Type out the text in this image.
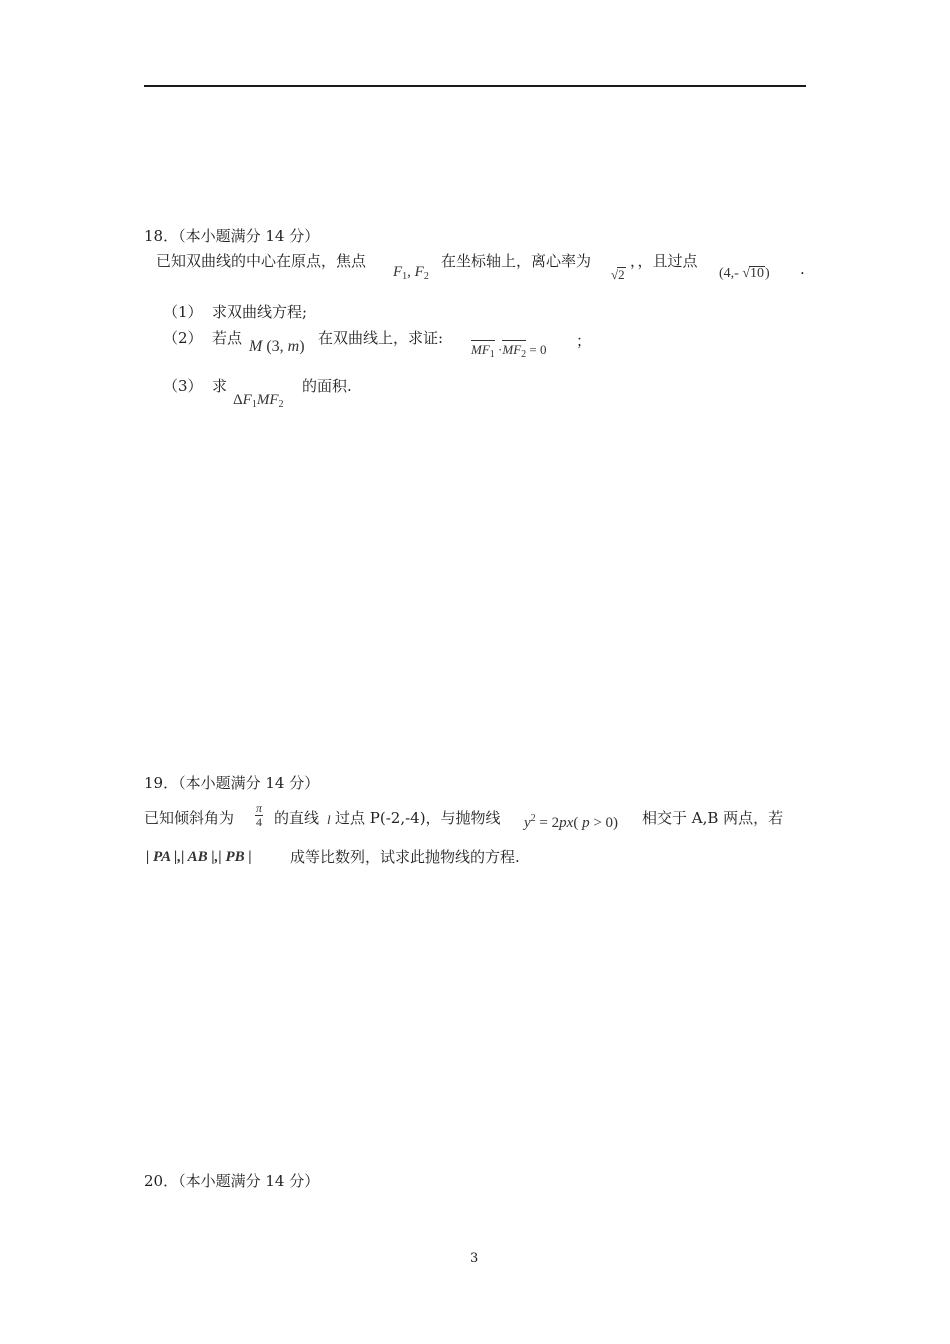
18．（本小题满分 14 分）
已知双曲线的中心在原点，焦点
$F_1$, $F_2$
在坐标轴上，离心率为
√2
，，且过点
(4,- √10) .
（1） 求双曲线方程;
（2） 若点 M (3, m) 在双曲线上，求证:
$MF_1 \cdot MF_2 = 0$ ；
（3） 求
$\Delta F_1MF_2$
的面积.
19．（本小题满分 14 分）
已知倾斜角为 $\frac{\pi}{4}$ 的直线 l 过点 P(-2,-4)，与抛物线 $y^2 = 2px$( p > 0) 相交于 A,B 两点，若
| PA |,| AB |,| PB |	成等比数列，试求此抛物线的方程.
20．（本小题满分 14 分）
3
